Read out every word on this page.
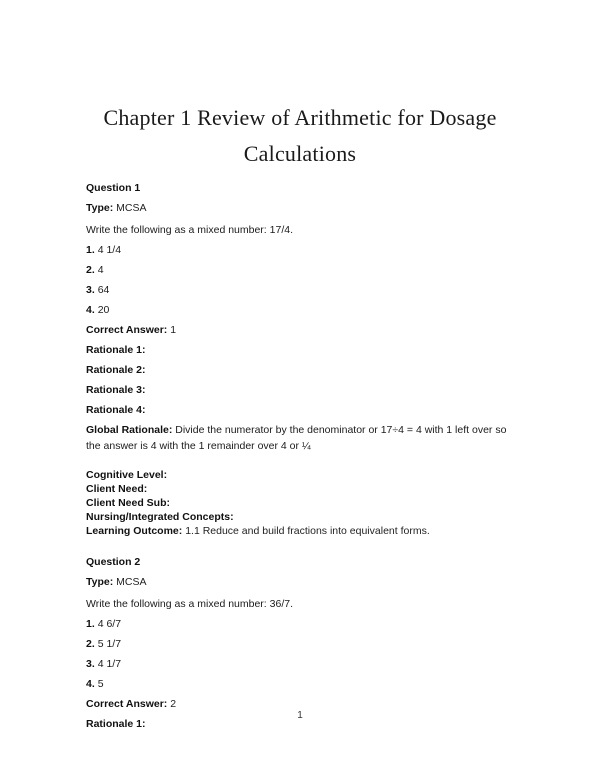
Chapter 1 Review of Arithmetic for Dosage Calculations
Question 1
Type: MCSA
Write the following as a mixed number: 17/4.
1. 4 1/4
2. 4
3. 64
4. 20
Correct Answer: 1
Rationale 1:
Rationale 2:
Rationale 3:
Rationale 4:
Global Rationale: Divide the numerator by the denominator or 17÷4 = 4 with 1 left over so the answer is 4 with the 1 remainder over 4 or ¼
Cognitive Level:
Client Need:
Client Need Sub:
Nursing/Integrated Concepts:
Learning Outcome: 1.1 Reduce and build fractions into equivalent forms.
Question 2
Type: MCSA
Write the following as a mixed number: 36/7.
1. 4 6/7
2. 5 1/7
3. 4 1/7
4. 5
Correct Answer: 2
Rationale 1:
1
